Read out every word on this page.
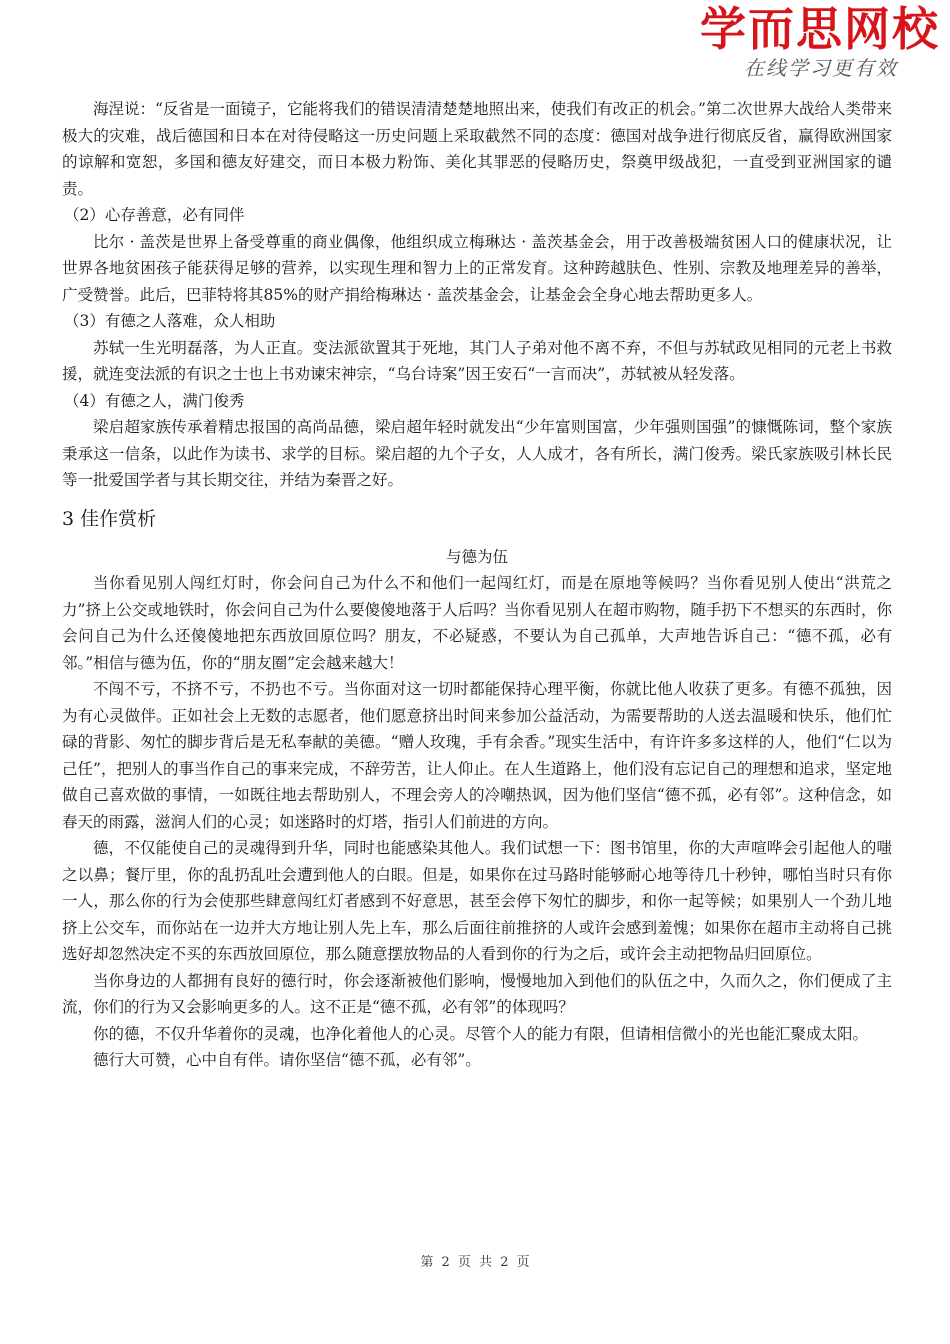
学而思网校
在线学习更有效

海涅说：“反省是一面镜子，它能将我们的错误清清楚楚地照出来，使我们有改正的机会。”第二次世界大战给人类带来极大的灾难，战后德国和日本在对待侵略这一历史问题上采取截然不同的态度：德国对战争进行彻底反省，赢得欧洲国家的谅解和宽恕，多国和德友好建交，而日本极力粉饰、美化其罪恶的侵略历史，祭奠甲级战犯，一直受到亚洲国家的谴责。

（2）心存善意，必有同伴

比尔 · 盖茨是世界上备受尊重的商业偶像，他组织成立梅琳达 · 盖茨基金会，用于改善极端贫困人口的健康状况，让世界各地贫困孩子能获得足够的营养，以实现生理和智力上的正常发育。这种跨越肤色、性别、宗教及地理差异的善举，广受赞誉。此后，巴菲特将其85%的财产捐给梅琳达 · 盖茨基金会，让基金会全身心地去帮助更多人。

（3）有德之人落难，众人相助

苏轼一生光明磊落，为人正直。变法派欲置其于死地，其门人子弟对他不离不弃，不但与苏轼政见相同的元老上书救援，就连变法派的有识之士也上书劝谏宋神宗，“乌台诗案”因王安石“一言而决”，苏轼被从轻发落。

（4）有德之人，满门俊秀

梁启超家族传承着精忠报国的高尚品德，梁启超年轻时就发出“少年富则国富，少年强则国强”的慷慨陈词，整个家族秉承这一信条，以此作为读书、求学的目标。梁启超的九个子女，人人成才，各有所长，满门俊秀。梁氏家族吸引林长民等一批爱国学者与其长期交往，并结为秦晋之好。

3 佳作赏析
与德为伍

当你看见别人闯红灯时，你会问自己为什么不和他们一起闯红灯，而是在原地等候吗？当你看见别人使出“洪荒之力”挤上公交或地铁时，你会问自己为什么要傻傻地落于人后吗？当你看见别人在超市购物，随手扔下不想买的东西时，你会问自己为什么还傻傻地把东西放回原位吗？朋友，不必疑惑，不要认为自己孤单，大声地告诉自己：“德不孤，必有邻。”相信与德为伍，你的“朋友圈”定会越来越大！

不闯不亏，不挤不亏，不扔也不亏。当你面对这一切时都能保持心理平衡，你就比他人收获了更多。有德不孤独，因为有心灵做伴。正如社会上无数的志愿者，他们愿意挤出时间来参加公益活动，为需要帮助的人送去温暖和快乐，他们忙碌的背影、匆忙的脚步背后是无私奉献的美德。“赠人玫瑰，手有余香。”现实生活中，有许许多多这样的人，他们“仁以为己任”，把别人的事当作自己的事来完成，不辞劳苦，让人仰止。在人生道路上，他们没有忘记自己的理想和追求，坚定地做自己喜欢做的事情，一如既往地去帮助别人，不理会旁人的冷嘲热讽，因为他们坚信“德不孤，必有邻”。这种信念，如春天的雨露，滋润人们的心灵；如迷路时的灯塔，指引人们前进的方向。

德，不仅能使自己的灵魂得到升华，同时也能感染其他人。我们试想一下：图书馆里，你的大声喧哗会引起他人的嗤之以鼻；餐厅里，你的乱扔乱吐会遭到他人的白眼。但是，如果你在过马路时能够耐心地等待几十秒钟，哪怕当时只有你一人，那么你的行为会使那些肆意闯红灯者感到不好意思，甚至会停下匆忙的脚步，和你一起等候；如果别人一个劲儿地挤上公交车，而你站在一边并大方地让别人先上车，那么后面往前推挤的人或许会感到羞愧；如果你在超市主动将自己挑选好却忽然决定不买的东西放回原位，那么随意摆放物品的人看到你的行为之后，或许会主动把物品归回原位。

当你身边的人都拥有良好的德行时，你会逐渐被他们影响，慢慢地加入到他们的队伍之中，久而久之，你们便成了主流，你们的行为又会影响更多的人。这不正是“德不孤，必有邻”的体现吗？

你的德，不仅升华着你的灵魂，也净化着他人的心灵。尽管个人的能力有限，但请相信微小的光也能汇聚成太阳。

德行大可赞，心中自有伴。请你坚信“德不孤，必有邻”。

第 2 页 共 2 页
